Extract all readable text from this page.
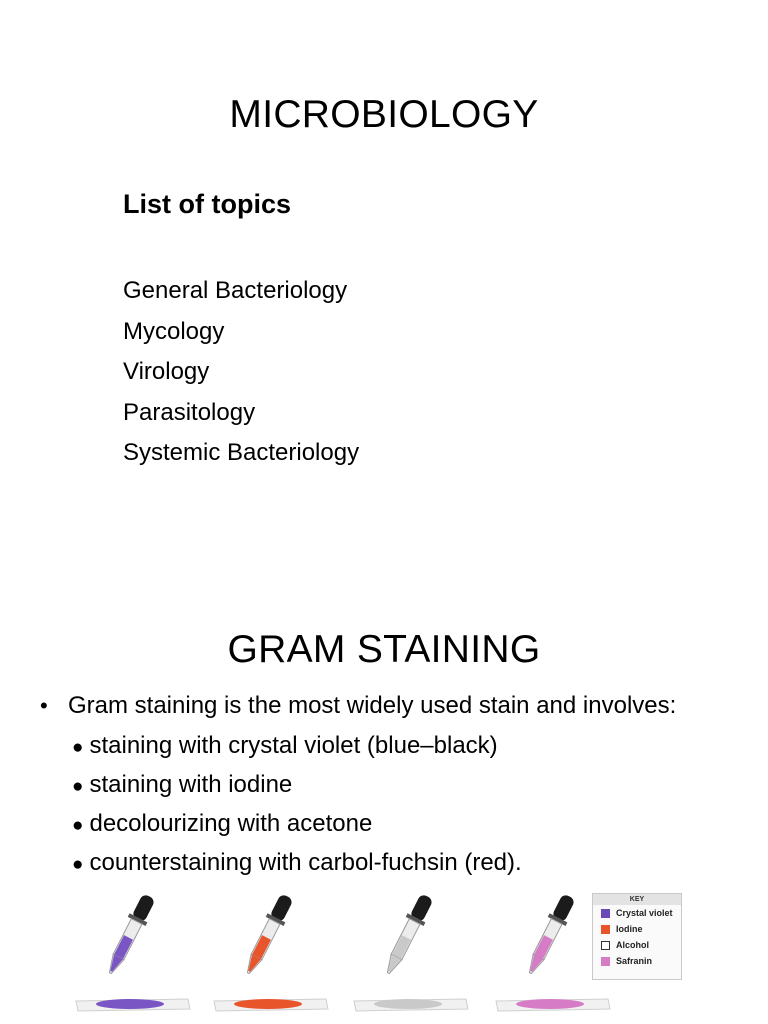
MICROBIOLOGY
List of topics
General Bacteriology
Mycology
Virology
Parasitology
Systemic Bacteriology
GRAM STAINING
• Gram staining is the most widely used stain and involves:
● staining with crystal violet (blue–black)
● staining with iodine
● decolourizing with acetone
● counterstaining with carbol-fuchsin (red).
KEY
Crystal violet
Iodine
Alcohol
Safranin
